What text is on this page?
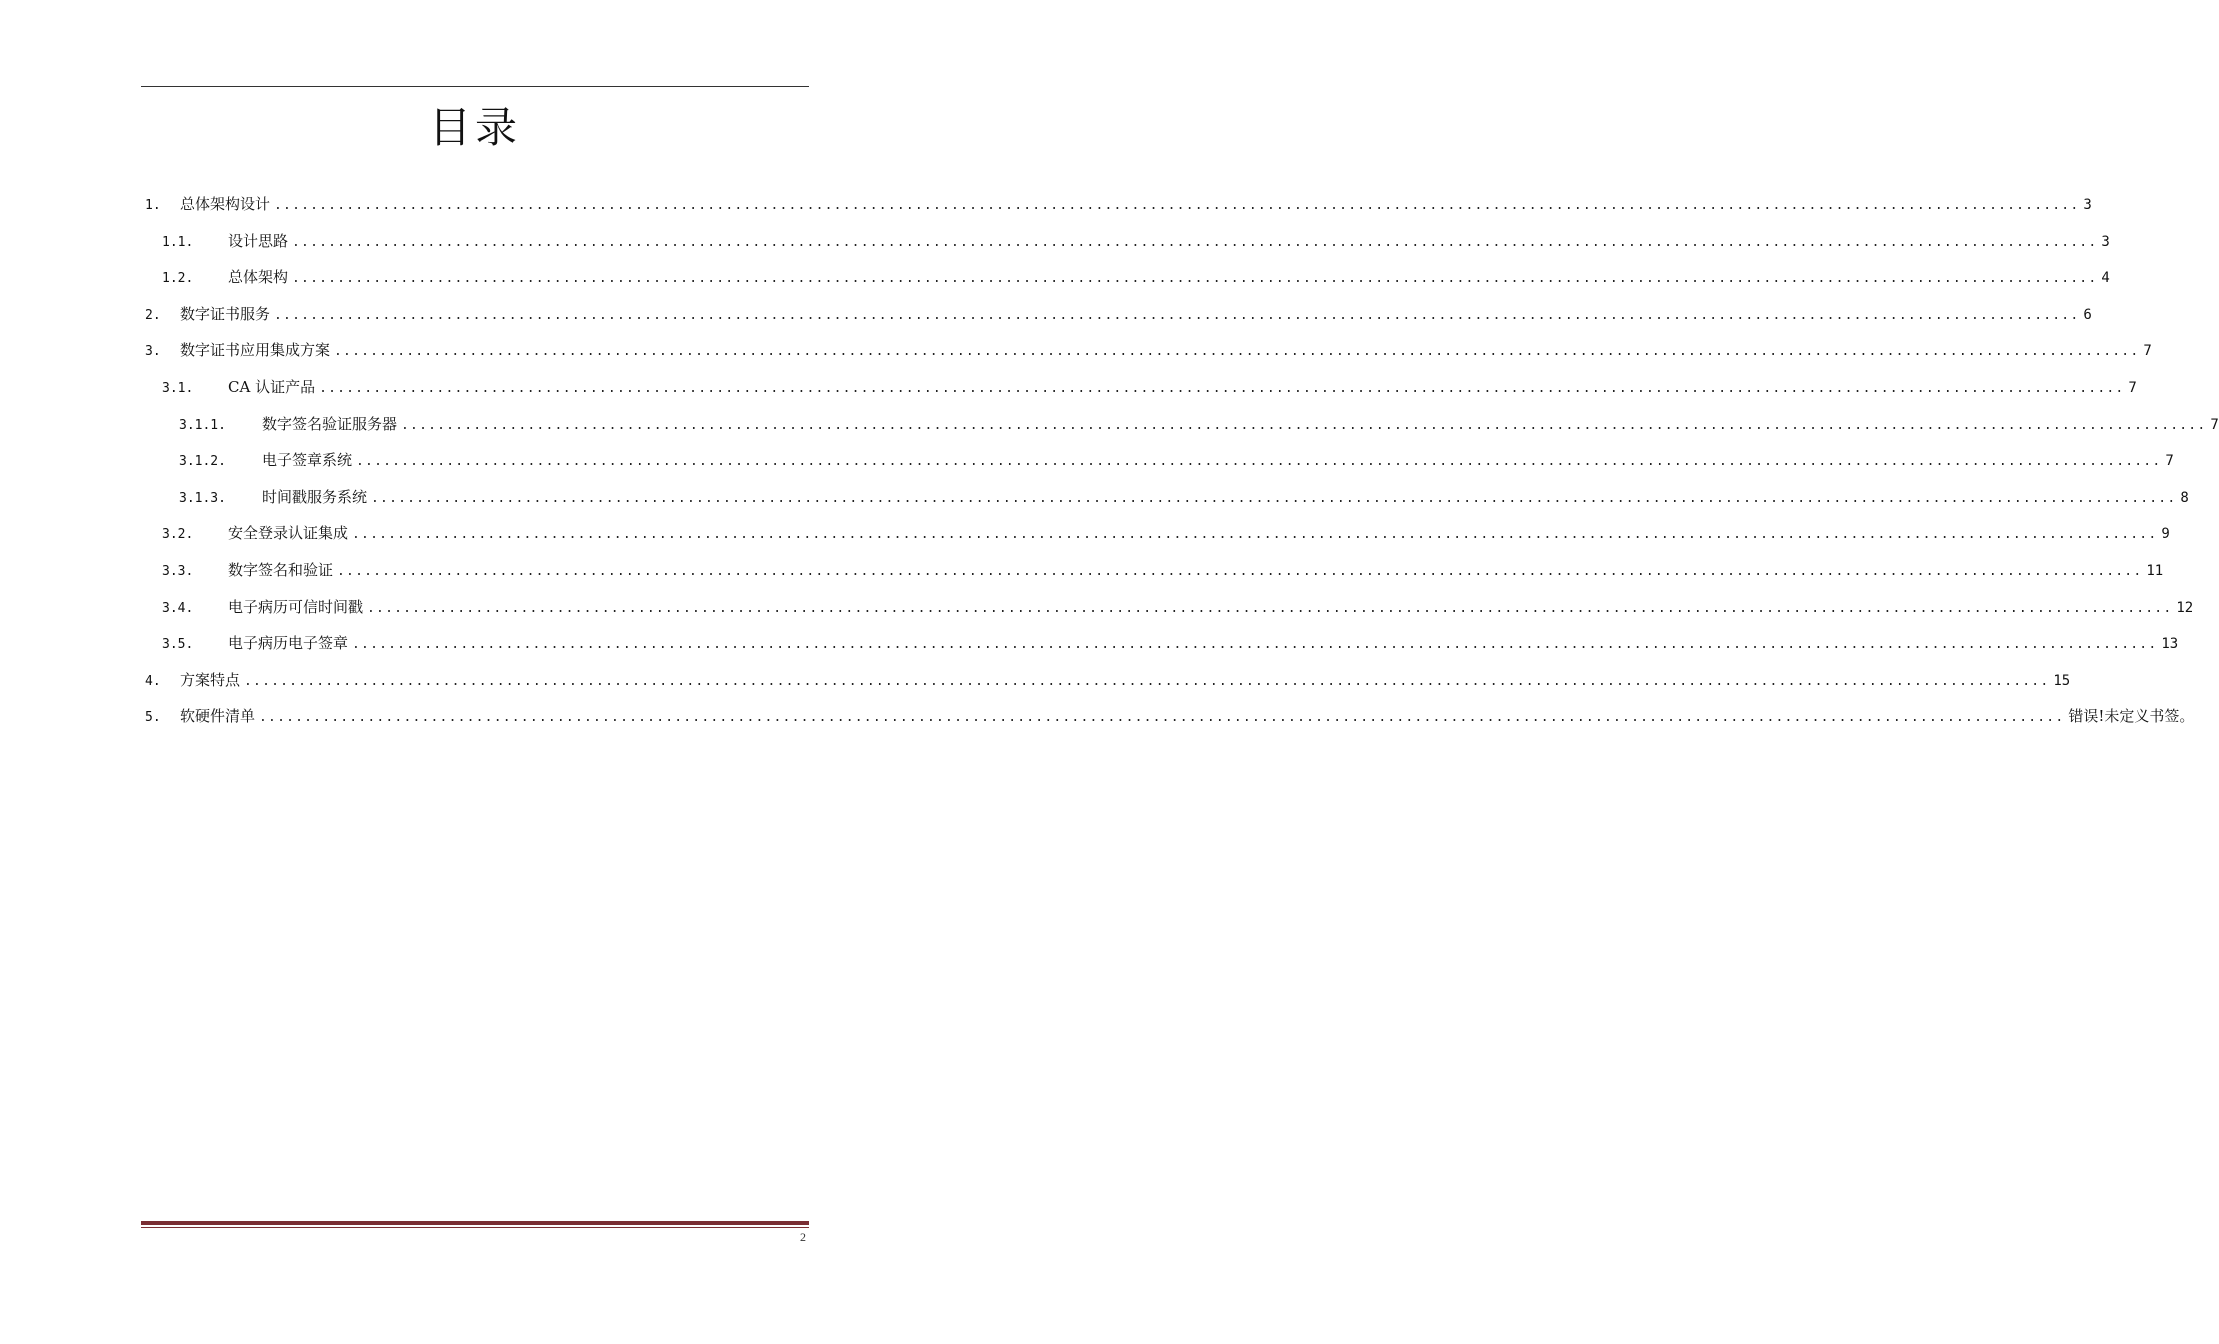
目录
1.	总体架构设计 ........................................................................................................................................................................................................ 3
1.1.	设计思路 ........................................................................................................................................................................................................ 3
1.2.	总体架构 ........................................................................................................................................................................................................ 4
2.	数字证书服务 ........................................................................................................................................................................................................ 6
3.	数字证书应用集成方案 ........................................................................................................................................................................................................ 7
3.1.	CA 认证产品 ........................................................................................................................................................................................................ 7
3.1.1.	数字签名验证服务器 ........................................................................................................................................................................................................ 7
3.1.2.	电子签章系统 ........................................................................................................................................................................................................ 7
3.1.3.	时间戳服务系统 ........................................................................................................................................................................................................ 8
3.2.	安全登录认证集成 ........................................................................................................................................................................................................ 9
3.3.	数字签名和验证 ........................................................................................................................................................................................................ 11
3.4.	电子病历可信时间戳 ........................................................................................................................................................................................................ 12
3.5.	电子病历电子签章 ........................................................................................................................................................................................................ 13
4.	方案特点 ........................................................................................................................................................................................................ 15
5.	软硬件清单 ........................................................................................................................................................................................................ 错误!未定义书签。
2
